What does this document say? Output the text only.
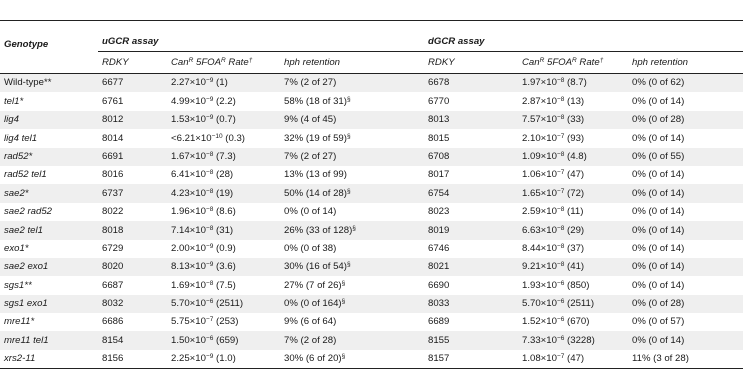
Genotype	uGCR assay			dGCR assay		
	RDKY	Can$^R$ $5FOA^R$ Rate†	hph retention	RDKY	Can$^R$ $5FOA^R$ Rate†	hph retention
Wild-type**	6677	$2.27\times 10^{-9}$ (1)	7% (2 of 27)	6678	$1.97\times 10^{-8}$ (8.7)	0% (0 of 62)
tel1*	6761	$4.99\times 10^{-9}$ (2.2)	58% (18 of 31)§	6770	$2.87\times 10^{-8}$ (13)	0% (0 of 14)
lig4	8012	$1.53\times 10^{-9}$ (0.7)	9% (4 of 45)	8013	$7.57\times 10^{-8}$ (33)	0% (0 of 28)
lig4 tel1	8014	$<6.21\times 10^{-10}$ (0.3)	32% (19 of 59)§	8015	$2.10\times 10^{-7}$ (93)	0% (0 of 14)
rad52*	6691	$1.67\times 10^{-8}$ (7.3)	7% (2 of 27)	6708	$1.09\times 10^{-8}$ (4.8)	0% (0 of 55)
rad52 tel1	8016	$6.41\times 10^{-8}$ (28)	13% (13 of 99)	8017	$1.06\times 10^{-7}$ (47)	0% (0 of 14)
sae2*	6737	$4.23\times 10^{-8}$ (19)	50% (14 of 28)§	6754	$1.65\times 10^{-7}$ (72)	0% (0 of 14)
sae2 rad52	8022	$1.96\times 10^{-8}$ (8.6)	0% (0 of 14)	8023	$2.59\times 10^{-8}$ (11)	0% (0 of 14)
sae2 tel1	8018	$7.14\times 10^{-8}$ (31)	26% (33 of 128)§	8019	$6.63\times 10^{-8}$ (29)	0% (0 of 14)
exo1*	6729	$2.00\times 10^{-9}$ (0.9)	0% (0 of 38)	6746	$8.44\times 10^{-8}$ (37)	0% (0 of 14)
sae2 exo1	8020	$8.13\times 10^{-9}$ (3.6)	30% (16 of 54)§	8021	$9.21\times 10^{-8}$ (41)	0% (0 of 14)
sgs1**	6687	$1.69\times 10^{-8}$ (7.5)	27% (7 of 26)§	6690	$1.93\times 10^{-6}$ (850)	0% (0 of 14)
sgs1 exo1	8032	$5.70\times 10^{-6}$ (2511)	0% (0 of 164)§	8033	$5.70\times 10^{-6}$ (2511)	0% (0 of 28)
mre11*	6686	$5.75\times 10^{-7}$ (253)	9% (6 of 64)	6689	$1.52\times 10^{-6}$ (670)	0% (0 of 57)
mre11 tel1	8154	$1.50\times 10^{-6}$ (659)	7% (2 of 28)	8155	$7.33\times 10^{-6}$ (3228)	0% (0 of 14)
xrs2-11	8156	$2.25\times 10^{-9}$ (1.0)	30% (6 of 20)§	8157	$1.08\times 10^{-7}$ (47)	11% (3 of 28)
